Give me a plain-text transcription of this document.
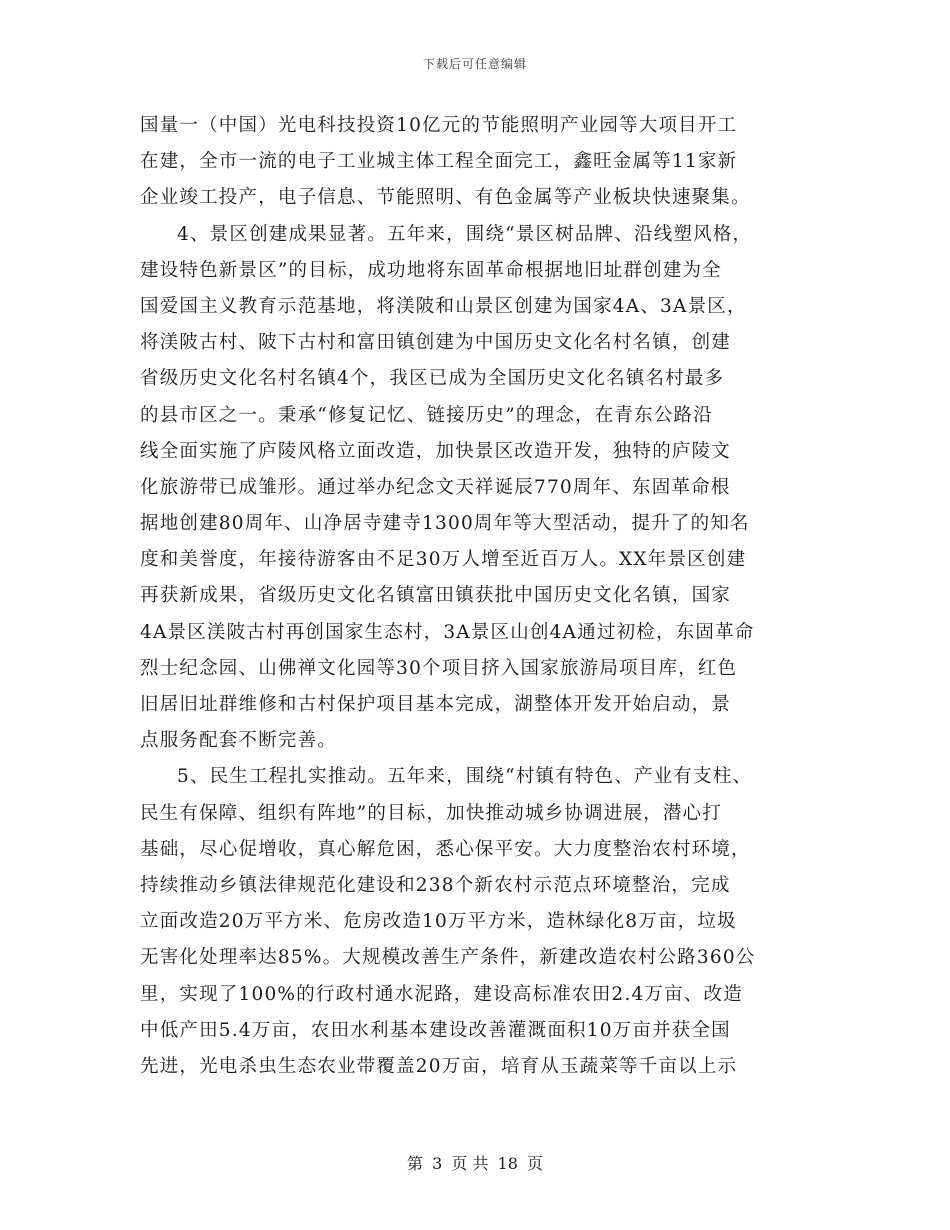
下载后可任意编辑
国量一（中国）光电科技投资10亿元的节能照明产业园等大项目开工
在建，全市一流的电子工业城主体工程全面完工，鑫旺金属等11家新
企业竣工投产，电子信息、节能照明、有色金属等产业板块快速聚集。
4、景区创建成果显著。五年来，围绕“景区树品牌、沿线塑风格，
建设特色新景区”的目标，成功地将东固革命根据地旧址群创建为全
国爱国主义教育示范基地，将渼陂和山景区创建为国家4A、3A景区，
将渼陂古村、陂下古村和富田镇创建为中国历史文化名村名镇，创建
省级历史文化名村名镇4个，我区已成为全国历史文化名镇名村最多
的县市区之一。秉承“修复记忆、链接历史”的理念，在青东公路沿
线全面实施了庐陵风格立面改造，加快景区改造开发，独特的庐陵文
化旅游带已成雏形。通过举办纪念文天祥诞辰770周年、东固革命根
据地创建80周年、山净居寺建寺1300周年等大型活动，提升了的知名
度和美誉度，年接待游客由不足30万人增至近百万人。XX年景区创建
再获新成果，省级历史文化名镇富田镇获批中国历史文化名镇，国家
4A景区渼陂古村再创国家生态村，3A景区山创4A通过初检，东固革命
烈士纪念园、山佛禅文化园等30个项目挤入国家旅游局项目库，红色
旧居旧址群维修和古村保护项目基本完成，湖整体开发开始启动，景
点服务配套不断完善。
5、民生工程扎实推动。五年来，围绕“村镇有特色、产业有支柱、
民生有保障、组织有阵地”的目标，加快推动城乡协调进展，潜心打
基础，尽心促增收，真心解危困，悉心保平安。大力度整治农村环境，
持续推动乡镇法律规范化建设和238个新农村示范点环境整治，完成
立面改造20万平方米、危房改造10万平方米，造林绿化8万亩，垃圾
无害化处理率达85%。大规模改善生产条件，新建改造农村公路360公
里，实现了100%的行政村通水泥路，建设高标准农田2.4万亩、改造
中低产田5.4万亩，农田水利基本建设改善灌溉面积10万亩并获全国
先进，光电杀虫生态农业带覆盖20万亩，培育从玉蔬菜等千亩以上示
第 3 页 共 18 页
